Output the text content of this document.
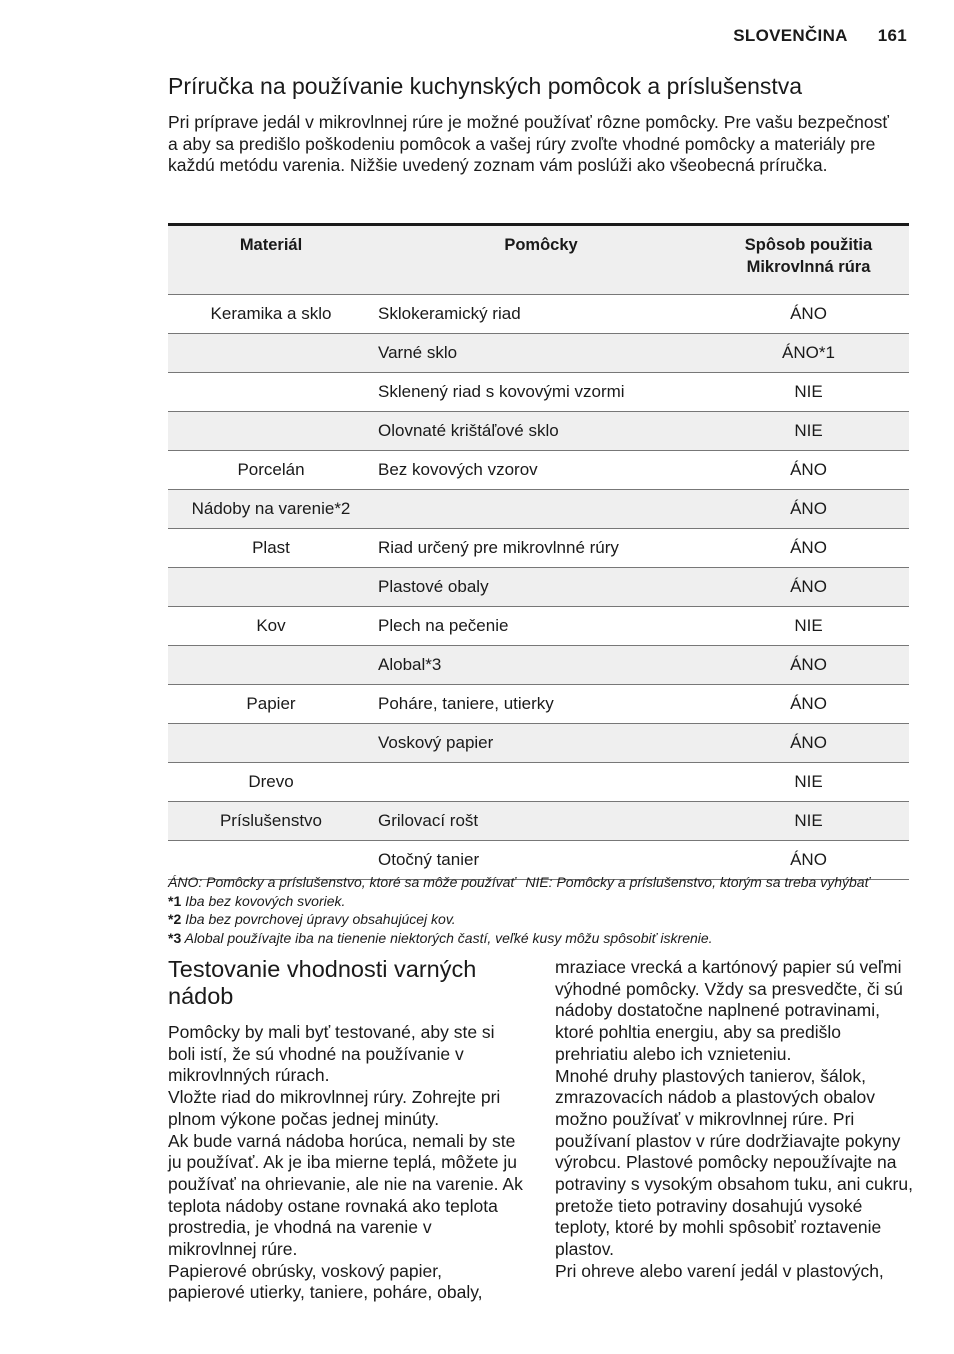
SLOVENČINA 161
Príručka na používanie kuchynských pomôcok a príslušenstva

Pri príprave jedál v mikrovlnnej rúre je možné používať rôzne pomôcky. Pre vašu bezpečnosť a aby sa predišlo poškodeniu pomôcok a vašej rúry zvoľte vhodné pomôcky a materiály pre každú metódu varenia. Nižšie uvedený zoznam vám poslúži ako všeobecná príručka.

Materiál	Pomôcky	Spôsob použitia
Mikrovlnná rúra

Keramika a sklo	Sklokeramický riad	ÁNO
	Varné sklo	ÁNO*1
	Sklenený riad s kovovými vzormi	NIE
	Olovnaté krištáľové sklo	NIE
Porcelán	Bez kovových vzorov	ÁNO
Nádoby na varenie*2		ÁNO
Plast	Riad určený pre mikrovlnné rúry	ÁNO
	Plastové obaly	ÁNO
Kov	Plech na pečenie	NIE
	Alobal*3	ÁNO
Papier	Poháre, taniere, utierky	ÁNO
	Voskový papier	ÁNO
Drevo		NIE
Príslušenstvo	Grilovací rošt	NIE
	Otočný tanier	ÁNO
ÁNO: Pomôcky a príslušenstvo, ktoré sa môže používať NIE: Pomôcky a príslušenstvo, ktorým sa treba vyhýbať
*1 Iba bez kovových svoriek.
*2 Iba bez povrchovej úpravy obsahujúcej kov.
*3 Alobal používajte iba na tienenie niektorých častí, veľké kusy môžu spôsobiť iskrenie.
Testovanie vhodnosti varných nádob

Pomôcky by mali byť testované, aby ste si boli istí, že sú vhodné na používanie v mikrovlnných rúrach.

Vložte riad do mikrovlnnej rúry. Zohrejte pri plnom výkone počas jednej minúty.

Ak bude varná nádoba horúca, nemali by ste ju používať. Ak je iba mierne teplá, môžete ju používať na ohrievanie, ale nie na varenie. Ak teplota nádoby ostane rovnaká ako teplota prostredia, je vhodná na varenie v mikrovlnnej rúre.

Papierové obrúsky, voskový papier, papierové utierky, taniere, poháre, obaly,

mraziace vrecká a kartónový papier sú veľmi výhodné pomôcky. Vždy sa presvedčte, či sú nádoby dostatočne naplnené potravinami, ktoré pohltia energiu, aby sa predišlo prehriatiu alebo ich vznieteniu.

Mnohé druhy plastových tanierov, šálok, zmrazovacích nádob a plastových obalov možno používať v mikrovlnnej rúre. Pri používaní plastov v rúre dodržiavajte pokyny výrobcu. Plastové pomôcky nepoužívajte na potraviny s vysokým obsahom tuku, ani cukru, pretože tieto potraviny dosahujú vysoké teploty, ktoré by mohli spôsobiť roztavenie plastov.

Pri ohreve alebo varení jedál v plastových,
